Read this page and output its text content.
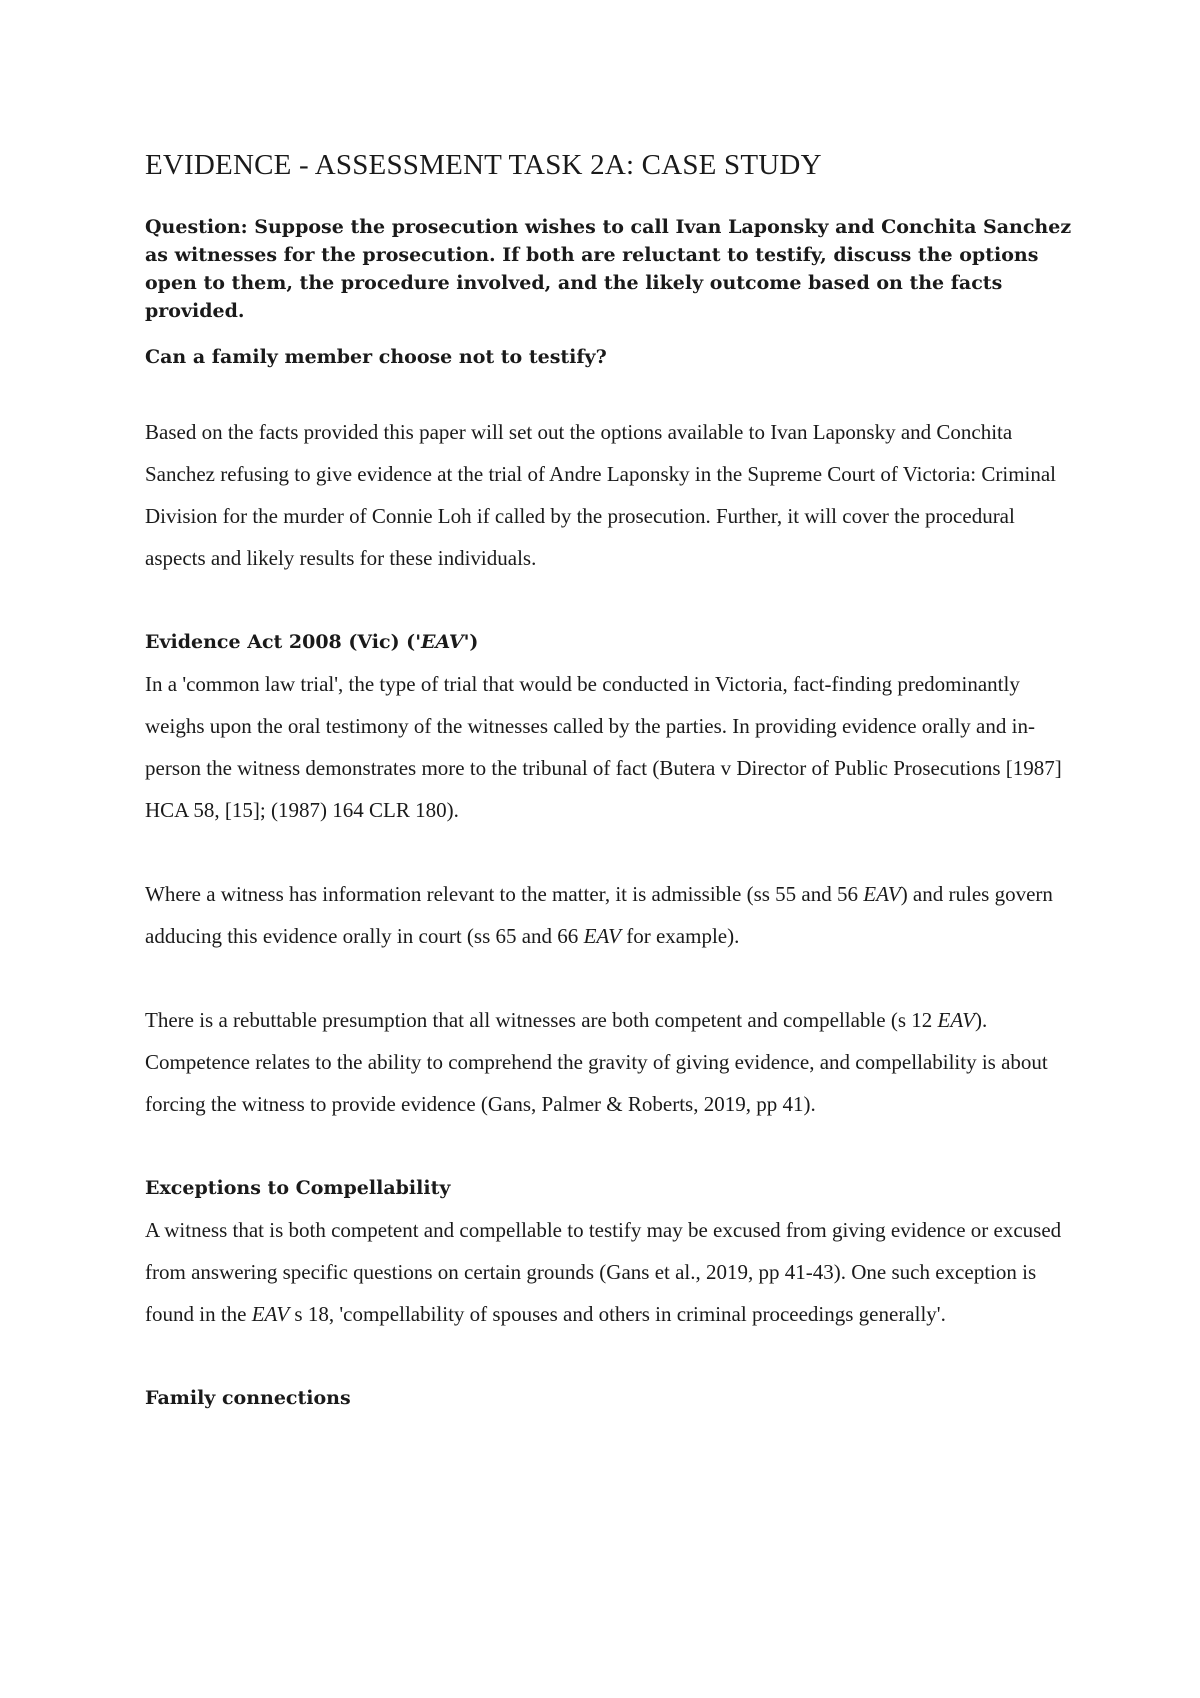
EVIDENCE - ASSESSMENT TASK 2A: CASE STUDY

Question: Suppose the prosecution wishes to call Ivan Laponsky and Conchita Sanchez as witnesses for the prosecution. If both are reluctant to testify, discuss the options open to them, the procedure involved, and the likely outcome based on the facts provided.

Can a family member choose not to testify?

Based on the facts provided this paper will set out the options available to Ivan Laponsky and Conchita Sanchez refusing to give evidence at the trial of Andre Laponsky in the Supreme Court of Victoria: Criminal Division for the murder of Connie Loh if called by the prosecution. Further, it will cover the procedural aspects and likely results for these individuals.

Evidence Act 2008 (Vic) ('EAV')

In a 'common law trial', the type of trial that would be conducted in Victoria, fact-finding predominantly weighs upon the oral testimony of the witnesses called by the parties. In providing evidence orally and in-person the witness demonstrates more to the tribunal of fact (Butera v Director of Public Prosecutions [1987] HCA 58, [15]; (1987) 164 CLR 180).

Where a witness has information relevant to the matter, it is admissible (ss 55 and 56 EAV) and rules govern adducing this evidence orally in court (ss 65 and 66 EAV for example).

There is a rebuttable presumption that all witnesses are both competent and compellable (s 12 EAV). Competence relates to the ability to comprehend the gravity of giving evidence, and compellability is about forcing the witness to provide evidence (Gans, Palmer & Roberts, 2019, pp 41).

Exceptions to Compellability

A witness that is both competent and compellable to testify may be excused from giving evidence or excused from answering specific questions on certain grounds (Gans et al., 2019, pp 41-43). One such exception is found in the EAV s 18, 'compellability of spouses and others in criminal proceedings generally'.

Family connections
